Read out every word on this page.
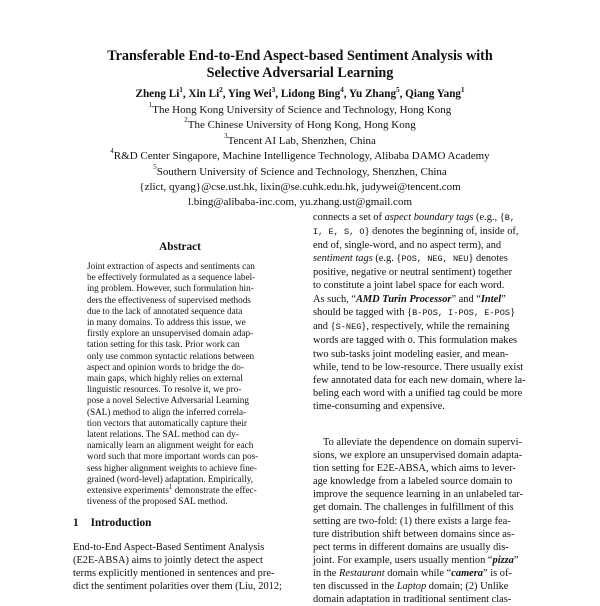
Transferable End-to-End Aspect-based Sentiment Analysis with
Selective Adversarial Learning
Zheng Li$^1$, Xin Li$^2$, Ying Wei$^3$, Lidong Bing$^4$, Yu Zhang$^5$, Qiang Yang$^1$
$^1$The Hong Kong University of Science and Technology, Hong Kong
$^2$The Chinese University of Hong Kong, Hong Kong
$^3$Tencent AI Lab, Shenzhen, China
$^4$R&D Center Singapore, Machine Intelligence Technology, Alibaba DAMO Academy
$^5$Southern University of Science and Technology, Shenzhen, China
{zlict, qyang}@cse.ust.hk, lixin@se.cuhk.edu.hk, judywei@tencent.com
l.bing@alibaba-inc.com, yu.zhang.ust@gmail.com
Abstract
Joint extraction of aspects and sentiments can
be effectively formulated as a sequence label-
ing problem. However, such formulation hin-
ders the effectiveness of supervised methods
due to the lack of annotated sequence data
in many domains. To address this issue, we
firstly explore an unsupervised domain adap-
tation setting for this task. Prior work can
only use common syntactic relations between
aspect and opinion words to bridge the do-
main gaps, which highly relies on external
linguistic resources. To resolve it, we pro-
pose a novel Selective Adversarial Learning
(SAL) method to align the inferred correla-
tion vectors that automatically capture their
latent relations. The SAL method can dy-
namically learn an alignment weight for each
word such that more important words can pos-
sess higher alignment weights to achieve fine-
grained (word-level) adaptation. Empirically,
extensive experiments$^1$ demonstrate the effec-
tiveness of the proposed SAL method.
1 Introduction
End-to-End Aspect-Based Sentiment Analysis
(E2E-ABSA) aims to jointly detect the aspect
terms explicitly mentioned in sentences and pre-
dict the sentiment polarities over them (Liu, 2012;
connects a set of aspect boundary tags (e.g., {B,
I, E, S, O} denotes the beginning of, inside of,
end of, single-word, and no aspect term), and
sentiment tags (e.g. {POS, NEG, NEU} denotes
positive, negative or neutral sentiment) together
to constitute a joint label space for each word.
As such, “AMD Turin Processor” and “Intel”
should be tagged with {B-POS, I-POS, E-POS}
and {S-NEG}, respectively, while the remaining
words are tagged with O. This formulation makes
two sub-tasks joint modeling easier, and mean-
while, tend to be low-resource. There usually exist
few annotated data for each new domain, where la-
beling each word with a unified tag could be more
time-consuming and expensive.
To alleviate the dependence on domain supervi-
sions, we explore an unsupervised domain adapta-
tion setting for E2E-ABSA, which aims to lever-
age knowledge from a labeled source domain to
improve the sequence learning in an unlabeled tar-
get domain. The challenges in fulfillment of this
setting are two-fold: (1) there exists a large fea-
ture distribution shift between domains since as-
pect terms in different domains are usually dis-
joint. For example, users usually mention “pizza”
in the Restaurant domain while “camera” is of-
ten discussed in the Laptop domain; (2) Unlike
domain adaptation in traditional sentiment clas-
